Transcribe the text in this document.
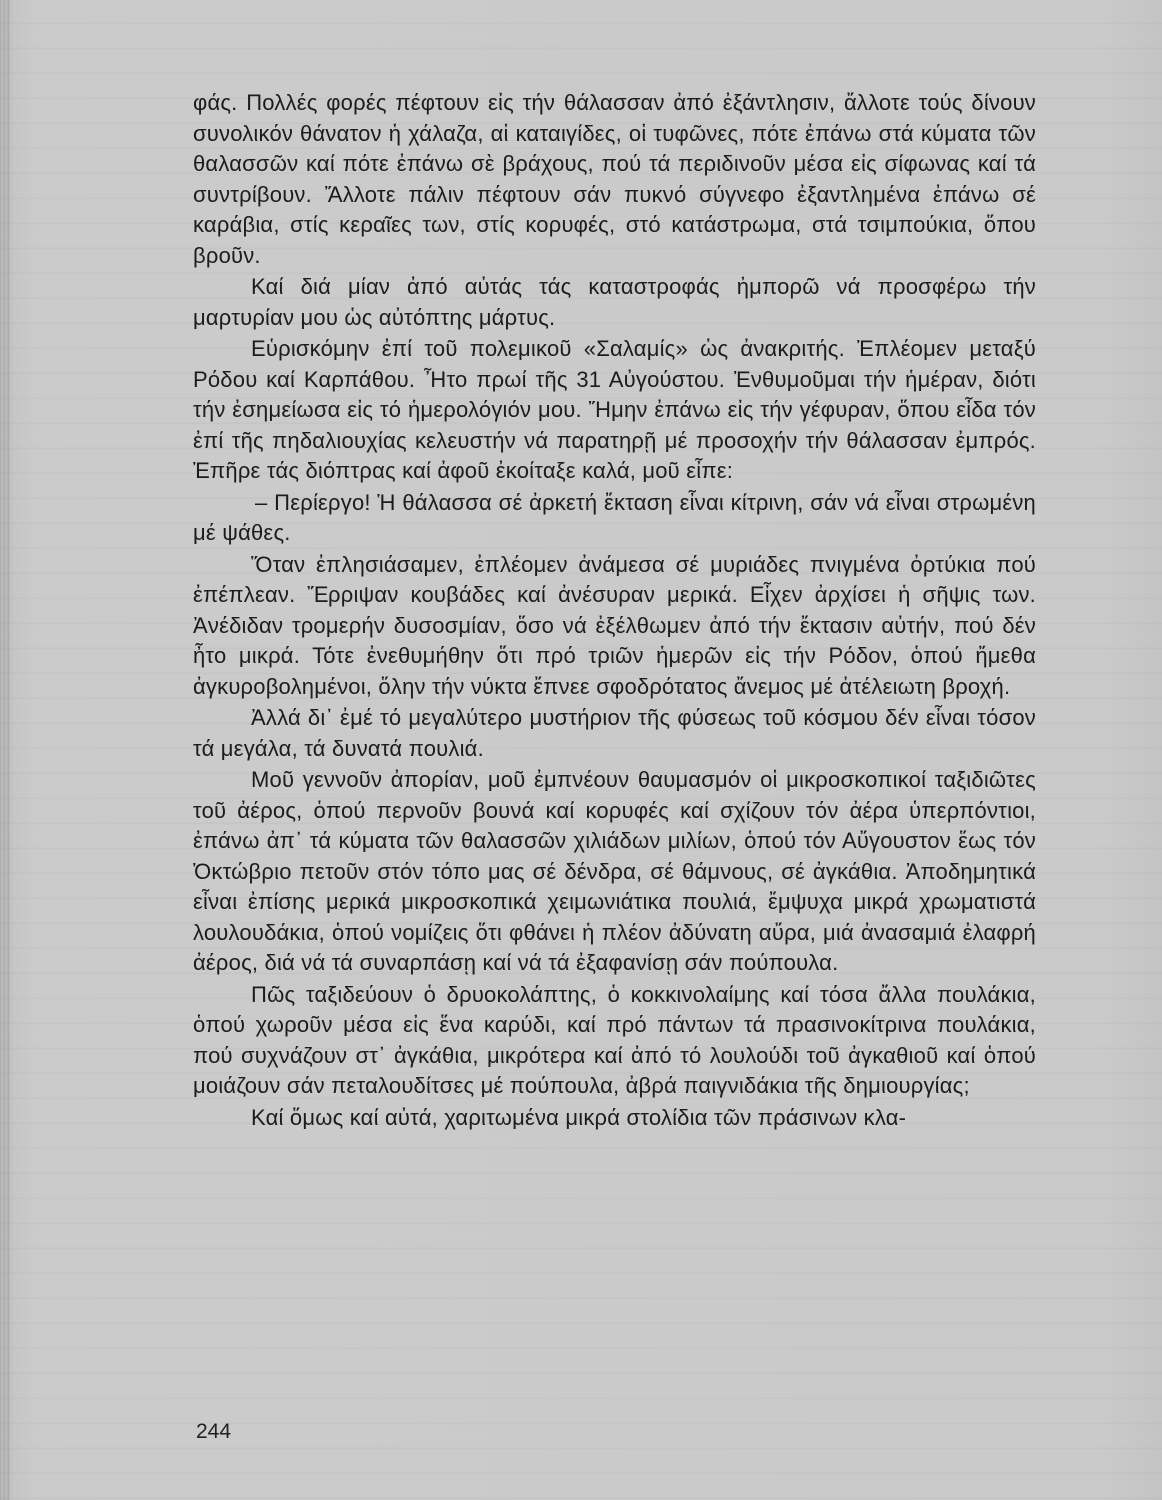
φάς. Πολλές φορές πέφτουν εἰς τήν θάλασσαν ἀπό ἐξάντλησιν, ἄλλοτε τούς δίνουν συνολικόν θάνατον ἡ χάλαζα, αἱ καταιγίδες, οἱ τυφῶνες, πότε ἐπάνω στά κύματα τῶν θαλασσῶν καί πότε ἐπάνω σὲ βράχους, πού τά περιδινοῦν μέσα εἰς σίφωνας καί τά συντρίβουν. Ἄλλοτε πάλιν πέφτουν σάν πυκνό σύγνεφο ἐξαντλημένα ἐπάνω σέ καράβια, στίς κεραῖες των, στίς κορυφές, στό κατάστρωμα, στά τσιμπούκια, ὅπου βροῦν.

Καί διά μίαν ἀπό αὐτάς τάς καταστροφάς ἠμπορῶ νά προσφέρω τήν μαρτυρίαν μου ὡς αὐτόπτης μάρτυς.

Εὑρισκόμην ἐπί τοῦ πολεμικοῦ «Σαλαμίς» ὡς ἀνακριτής. Ἐπλέομεν μεταξύ Ρόδου καί Καρπάθου. Ἦτο πρωί τῆς 31 Αὐγούστου. Ἐνθυμοῦμαι τήν ἡμέραν, διότι τήν ἐσημείωσα εἰς τό ἡμερολόγιόν μου. Ἤμην ἐπάνω εἰς τήν γέφυραν, ὅπου εἶδα τόν ἐπί τῆς πηδαλιουχίας κελευστήν νά παρατηρῇ μέ προσοχήν τήν θάλασσαν ἐμπρός. Ἐπῆρε τάς διόπτρας καί ἀφοῦ ἐκοίταξε καλά, μοῦ εἶπε:

– Περίεργο! Ἡ θάλασσα σέ ἀρκετή ἔκταση εἶναι κίτρινη, σάν νά εἶναι στρωμένη μέ ψάθες.

Ὅταν ἐπλησιάσαμεν, ἐπλέομεν ἀνάμεσα σέ μυριάδες πνιγμένα ὀρτύκια πού ἐπέπλεαν. Ἔρριψαν κουβάδες καί ἀνέσυραν μερικά. Εἶχεν ἀρχίσει ἡ σῆψις των. Ἀνέδιδαν τρομερήν δυσοσμίαν, ὅσο νά ἐξέλθωμεν ἀπό τήν ἔκτασιν αὐτήν, πού δέν ἦτο μικρά. Τότε ἐνεθυμήθην ὅτι πρό τριῶν ἡμερῶν εἰς τήν Ρόδον, ὁπού ἤμεθα ἀγκυροβολημένοι, ὅλην τήν νύκτα ἔπνεε σφοδρότατος ἄνεμος μέ ἀτέλειωτη βροχή.

Ἀλλά δι᾽ ἐμέ τό μεγαλύτερο μυστήριον τῆς φύσεως τοῦ κόσμου δέν εἶναι τόσον τά μεγάλα, τά δυνατά πουλιά.

Μοῦ γεννοῦν ἀπορίαν, μοῦ ἐμπνέουν θαυμασμόν οἱ μικροσκοπικοί ταξιδιῶτες τοῦ ἀέρος, ὁπού περνοῦν βουνά καί κορυφές καί σχίζουν τόν ἀέρα ὑπερπόντιοι, ἐπάνω ἀπ᾽ τά κύματα τῶν θαλασσῶν χιλιάδων μιλίων, ὁπού τόν Αὔγουστον ἕως τόν Ὀκτώβριο πετοῦν στόν τόπο μας σέ δένδρα, σέ θάμνους, σέ ἀγκάθια. Ἀποδημητικά εἶναι ἐπίσης μερικά μικροσκοπικά χειμωνιάτικα πουλιά, ἔμψυχα μικρά χρωματιστά λουλουδάκια, ὁπού νομίζεις ὅτι φθάνει ἡ πλέον ἀδύνατη αὔρα, μιά ἀνασαμιά ἐλαφρή ἀέρος, διά νά τά συναρπάσῃ καί νά τά ἐξαφανίσῃ σάν πούπουλα.

Πῶς ταξιδεύουν ὁ δρυοκολάπτης, ὁ κοκκινολαίμης καί τόσα ἄλλα πουλάκια, ὁπού χωροῦν μέσα εἰς ἕνα καρύδι, καί πρό πάντων τά πρασινοκίτρινα πουλάκια, πού συχνάζουν στ᾽ ἀγκάθια, μικρότερα καί ἀπό τό λουλούδι τοῦ ἀγκαθιοῦ καί ὁπού μοιάζουν σάν πεταλουδίτσες μέ πούπουλα, ἀβρά παιγνιδάκια τῆς δημιουργίας;

Καί ὅμως καί αὐτά, χαριτωμένα μικρά στολίδια τῶν πράσινων κλα-

244
